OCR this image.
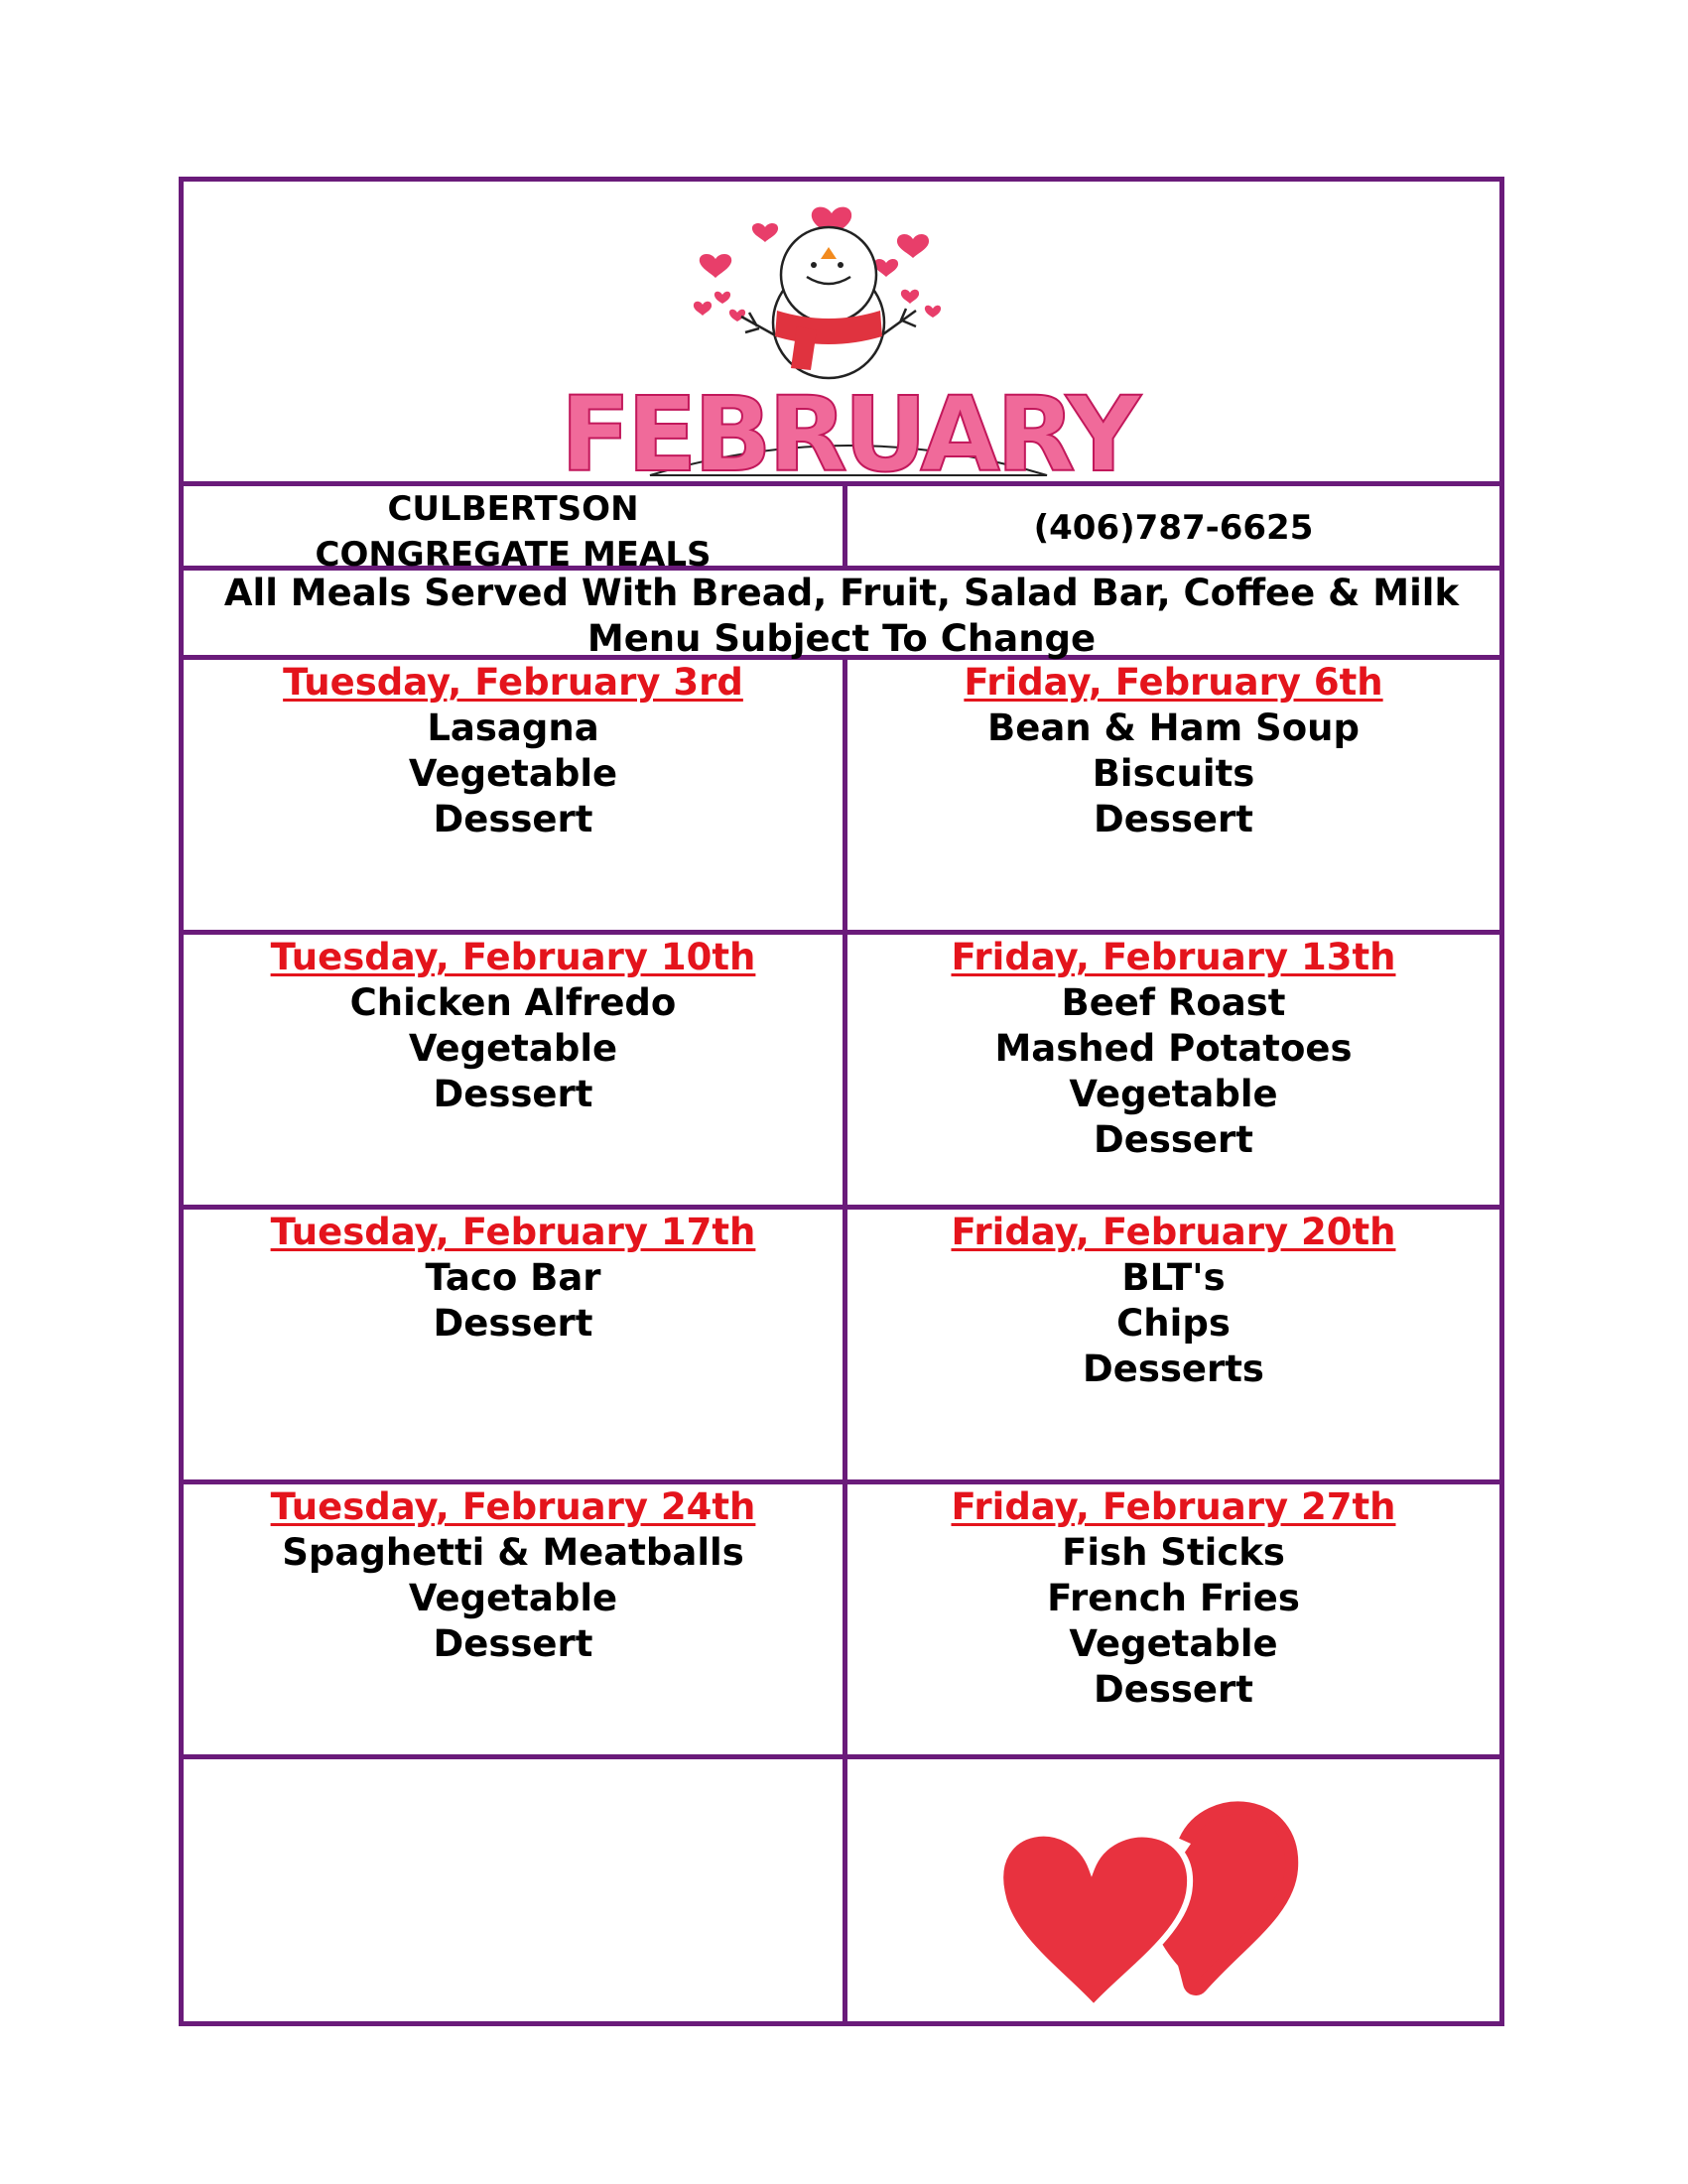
FEBRUARY
CULBERTSON
CONGREGATE MEALS
(406)787-6625
All Meals Served With Bread, Fruit, Salad Bar, Coffee & Milk
Menu Subject To Change
Tuesday, February 3rd
Lasagna
Vegetable
Dessert
Friday, February 6th
Bean & Ham Soup
Biscuits
Dessert
Tuesday, February 10th
Chicken Alfredo
Vegetable
Dessert
Friday, February 13th
Beef Roast
Mashed Potatoes
Vegetable
Dessert
Tuesday, February 17th
Taco Bar
Dessert
Friday, February 20th
BLT's
Chips
Desserts
Tuesday, February 24th
Spaghetti & Meatballs
Vegetable
Dessert
Friday, February 27th
Fish Sticks
French Fries
Vegetable
Dessert
